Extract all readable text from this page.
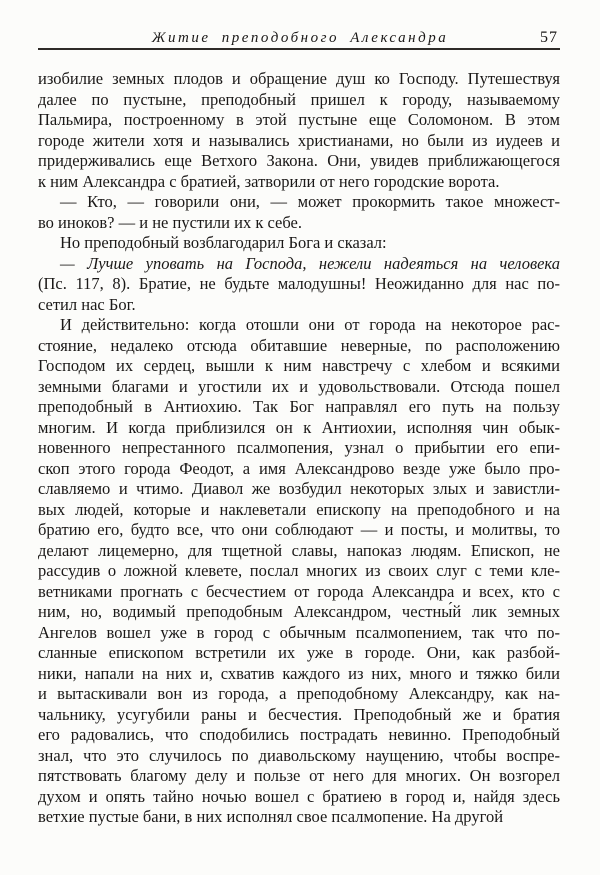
Житие преподобного Александра	57
изобилие земных плодов и обращение душ ко Господу. Путешествуя
далее по пустыне, преподобный пришел к городу, называемому
Пальмира, построенному в этой пустыне еще Соломоном. В этом
городе жители хотя и назывались христианами, но были из иудеев и
придерживались еще Ветхого Закона. Они, увидев приближающегося
к ним Александра с братией, затворили от него городские ворота.
— Кто, — говорили они, — может прокормить такое множест-
во иноков? — и не пустили их к себе.
Но преподобный возблагодарил Бога и сказал:
— Лучше уповать на Господа, нежели надеяться на человека
(Пс. 117, 8). Братие, не будьте малодушны! Неожиданно для нас по-
сетил нас Бог.
И действительно: когда отошли они от города на некоторое рас-
стояние, недалеко отсюда обитавшие неверные, по расположению
Господом их сердец, вышли к ним навстречу с хлебом и всякими
земными благами и угостили их и удовольствовали. Отсюда пошел
преподобный в Антиохию. Так Бог направлял его путь на пользу
многим. И когда приблизился он к Антиохии, исполняя чин обык-
новенного непрестанного псалмопения, узнал о прибытии его епи-
скоп этого города Феодот, а имя Александрово везде уже было про-
славляемо и чтимо. Диавол же возбудил некоторых злых и завистли-
вых людей, которые и наклеветали епископу на преподобного и на
братию его, будто все, что они соблюдают — и посты, и молитвы, то
делают лицемерно, для тщетной славы, напоказ людям. Епископ, не
рассудив о ложной клевете, послал многих из своих слуг с теми кле-
ветниками прогнать с бесчестием от города Александра и всех, кто с
ним, но, водимый преподобным Александром, честны́й лик земных
Ангелов вошел уже в город с обычным псалмопением, так что по-
сланные епископом встретили их уже в городе. Они, как разбой-
ники, напали на них и, схватив каждого из них, много и тяжко били
и вытаскивали вон из города, а преподобному Александру, как на-
чальнику, усугубили раны и бесчестия. Преподобный же и братия
его радовались, что сподобились пострадать невинно. Преподобный
знал, что это случилось по диавольскому наущению, чтобы воспре-
пятствовать благому делу и пользе от него для многих. Он возгорел
духом и опять тайно ночью вошел с братиею в город и, найдя здесь
ветхие пустые бани, в них исполнял свое псалмопение. На другой
